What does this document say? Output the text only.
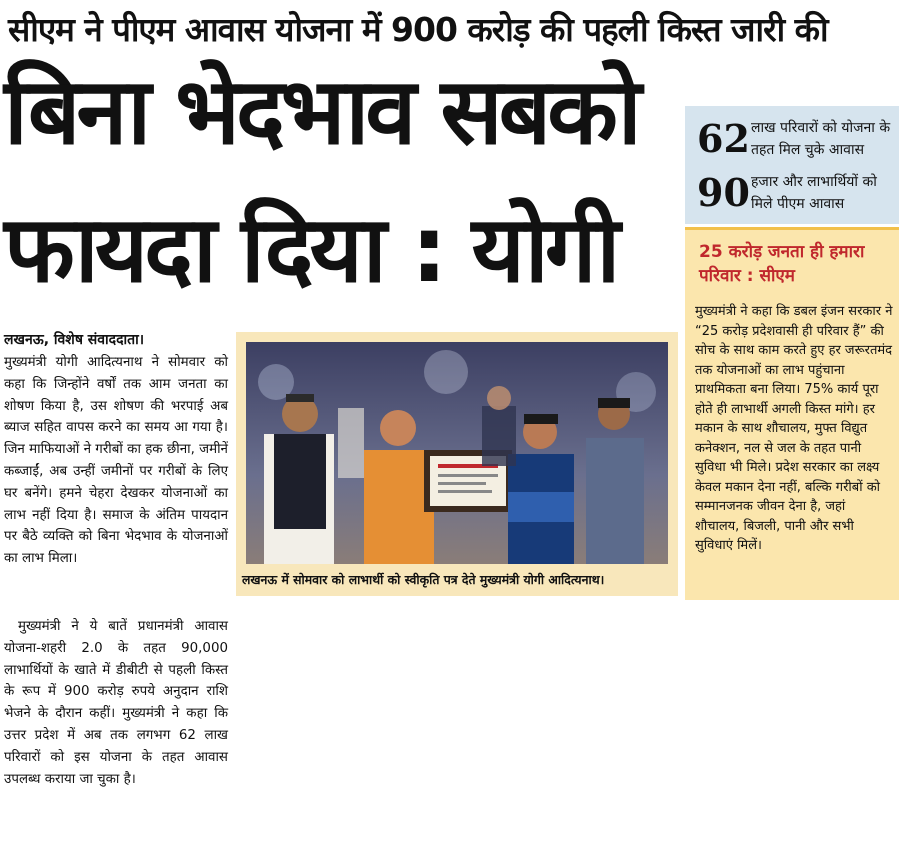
सीएम ने पीएम आवास योजना में 900 करोड़ की पहली किस्त जारी की
बिना भेदभाव सबको
फायदा दिया : योगी
62 लाख परिवारों को योजना के तहत मिल चुके आवास
90 हजार और लाभार्थियों को मिले पीएम आवास
25 करोड़ जनता ही हमारा परिवार : सीएम
मुख्यमंत्री ने कहा कि डबल इंजन सरकार ने “25 करोड़ प्रदेशवासी ही परिवार हैं” की सोच के साथ काम करते हुए हर जरूरतमंद तक योजनाओं का लाभ पहुंचाना प्राथमिकता बना लिया। 75% कार्य पूरा होते ही लाभार्थी अगली किस्त मांगे। हर मकान के साथ शौचालय, मुफ्त विद्युत कनेक्शन, नल से जल के तहत पानी सुविधा भी मिले। प्रदेश सरकार का लक्ष्य केवल मकान देना नहीं, बल्कि गरीबों को सम्मानजनक जीवन देना है, जहां शौचालय, बिजली, पानी और सभी सुविधाएं मिलें।
लखनऊ, विशेष संवाददाता।
मुख्यमंत्री योगी आदित्यनाथ ने सोमवार को कहा कि जिन्होंने वर्षों तक आम जनता का शोषण किया है, उस शोषण की भरपाई अब ब्याज सहित वापस करने का समय आ गया है। जिन माफियाओं ने गरीबों का हक छीना, जमीनें कब्जाईं, अब उन्हीं जमीनों पर गरीबों के लिए घर बनेंगे। हमने चेहरा देखकर योजनाओं का लाभ नहीं दिया है। समाज के अंतिम पायदान पर बैठे व्यक्ति को बिना भेदभाव के योजनाओं का लाभ मिला।
मुख्यमंत्री ने ये बातें प्रधानमंत्री आवास योजना-शहरी 2.0 के तहत 90,000 लाभार्थियों के खाते में डीबीटी से पहली किस्त के रूप में 900 करोड़ रुपये अनुदान राशि भेजने के दौरान कहीं। मुख्यमंत्री ने कहा कि उत्तर प्रदेश में अब तक लगभग 62 लाख परिवारों को इस योजना के तहत आवास उपलब्ध कराया जा चुका है।
लखनऊ में सोमवार को लाभार्थी को स्वीकृति पत्र देते मुख्यमंत्री योगी आदित्यनाथ।
